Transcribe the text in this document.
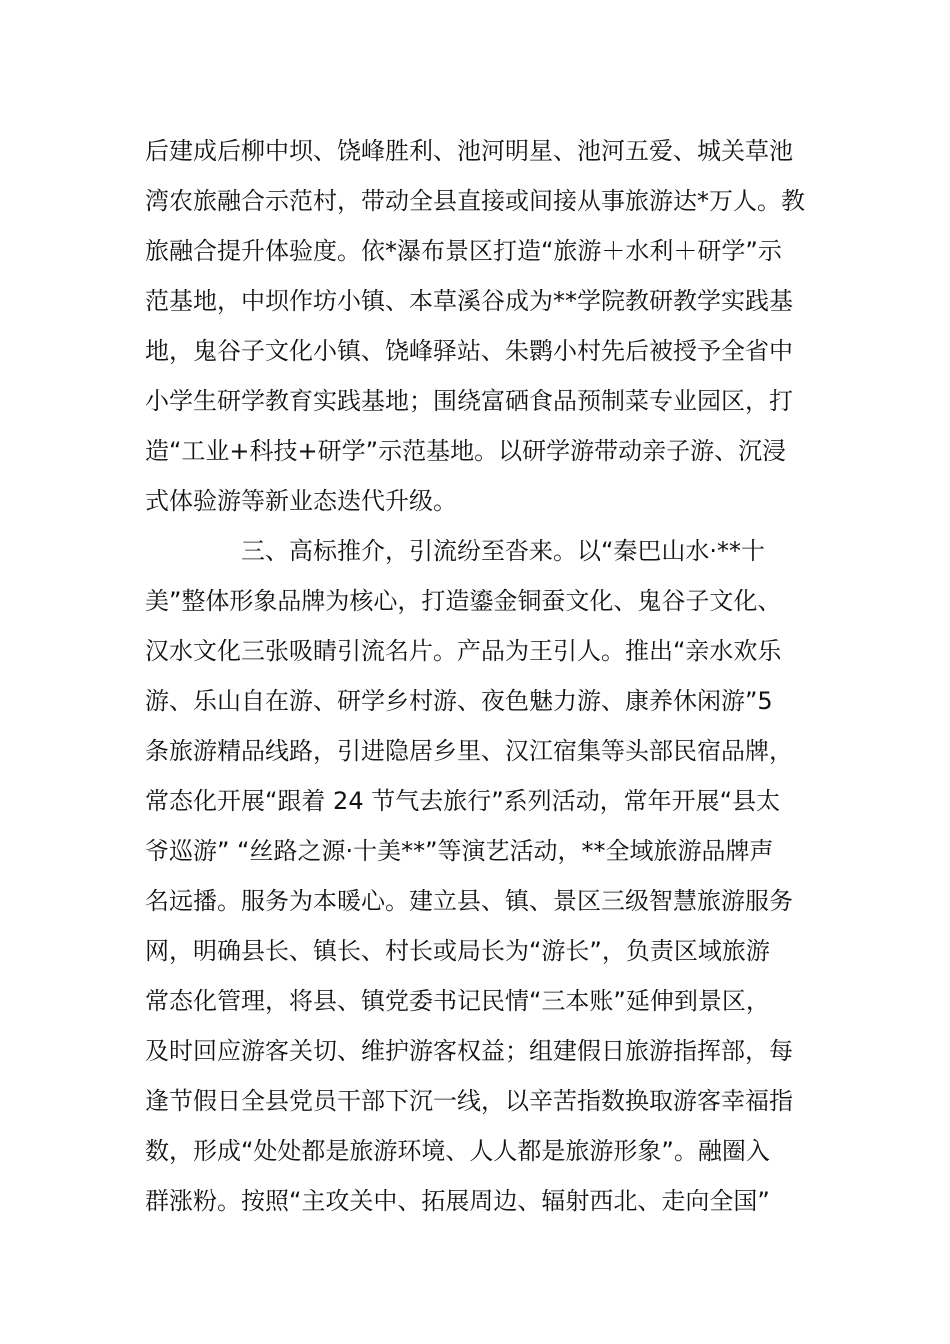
后建成后柳中坝、饶峰胜利、池河明星、池河五爱、城关草池
湾农旅融合示范村，带动全县直接或间接从事旅游达*万人。教
旅融合提升体验度。依*瀑布景区打造“旅游＋水利＋研学”示
范基地，中坝作坊小镇、本草溪谷成为**学院教研教学实践基
地，鬼谷子文化小镇、饶峰驿站、朱鹮小村先后被授予全省中
小学生研学教育实践基地；围绕富硒食品预制菜专业园区，打
造“工业+科技+研学”示范基地。以研学游带动亲子游、沉浸
式体验游等新业态迭代升级。
三、高标推介，引流纷至沓来。以“秦巴山水·**十
美”整体形象品牌为核心，打造鎏金铜蚕文化、鬼谷子文化、
汉水文化三张吸睛引流名片。产品为王引人。推出“亲水欢乐
游、乐山自在游、研学乡村游、夜色魅力游、康养休闲游”5
条旅游精品线路，引进隐居乡里、汉江宿集等头部民宿品牌，
常态化开展“跟着 24 节气去旅行”系列活动，常年开展“县太
爷巡游” “丝路之源·十美**”等演艺活动，**全域旅游品牌声
名远播。服务为本暖心。建立县、镇、景区三级智慧旅游服务
网，明确县长、镇长、村长或局长为“游长”，负责区域旅游
常态化管理，将县、镇党委书记民情“三本账”延伸到景区，
及时回应游客关切、维护游客权益；组建假日旅游指挥部，每
逢节假日全县党员干部下沉一线，以辛苦指数换取游客幸福指
数，形成“处处都是旅游环境、人人都是旅游形象”。融圈入
群涨粉。按照“主攻关中、拓展周边、辐射西北、走向全国”
